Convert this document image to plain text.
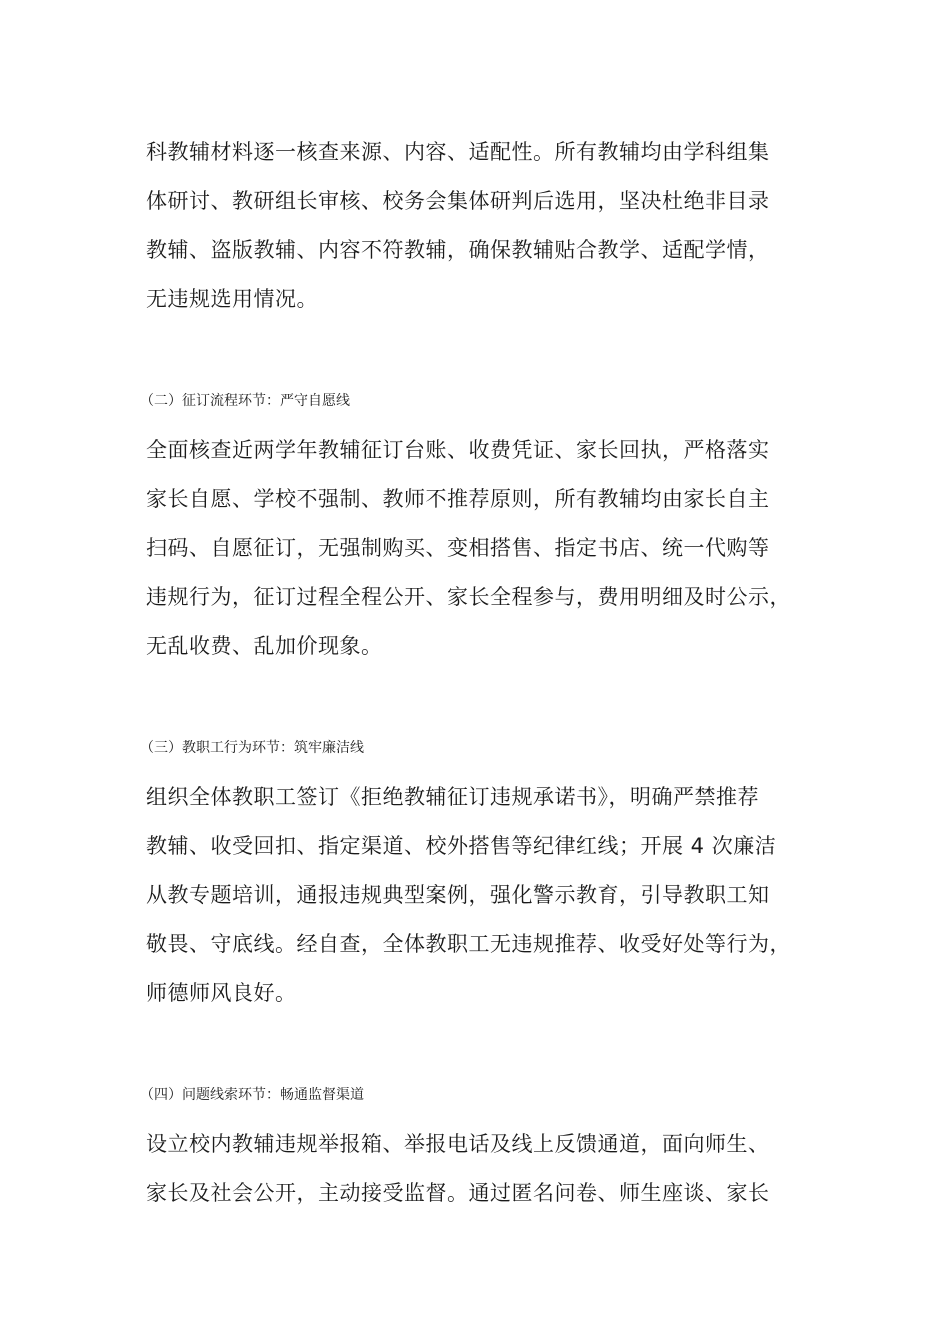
科教辅材料逐一核查来源、内容、适配性。所有教辅均由学科组集
体研讨、教研组长审核、校务会集体研判后选用，坚决杜绝非目录
教辅、盗版教辅、内容不符教辅，确保教辅贴合教学、适配学情，
无违规选用情况。
（二）征订流程环节：严守自愿线
全面核查近两学年教辅征订台账、收费凭证、家长回执，严格落实
家长自愿、学校不强制、教师不推荐原则，所有教辅均由家长自主
扫码、自愿征订，无强制购买、变相搭售、指定书店、统一代购等
违规行为，征订过程全程公开、家长全程参与，费用明细及时公示，
无乱收费、乱加价现象。
（三）教职工行为环节：筑牢廉洁线
组织全体教职工签订《拒绝教辅征订违规承诺书》，明确严禁推荐
教辅、收受回扣、指定渠道、校外搭售等纪律红线；开展 4 次廉洁
从教专题培训，通报违规典型案例，强化警示教育，引导教职工知
敬畏、守底线。经自查，全体教职工无违规推荐、收受好处等行为，
师德师风良好。
（四）问题线索环节：畅通监督渠道
设立校内教辅违规举报箱、举报电话及线上反馈通道，面向师生、
家长及社会公开，主动接受监督。通过匿名问卷、师生座谈、家长
